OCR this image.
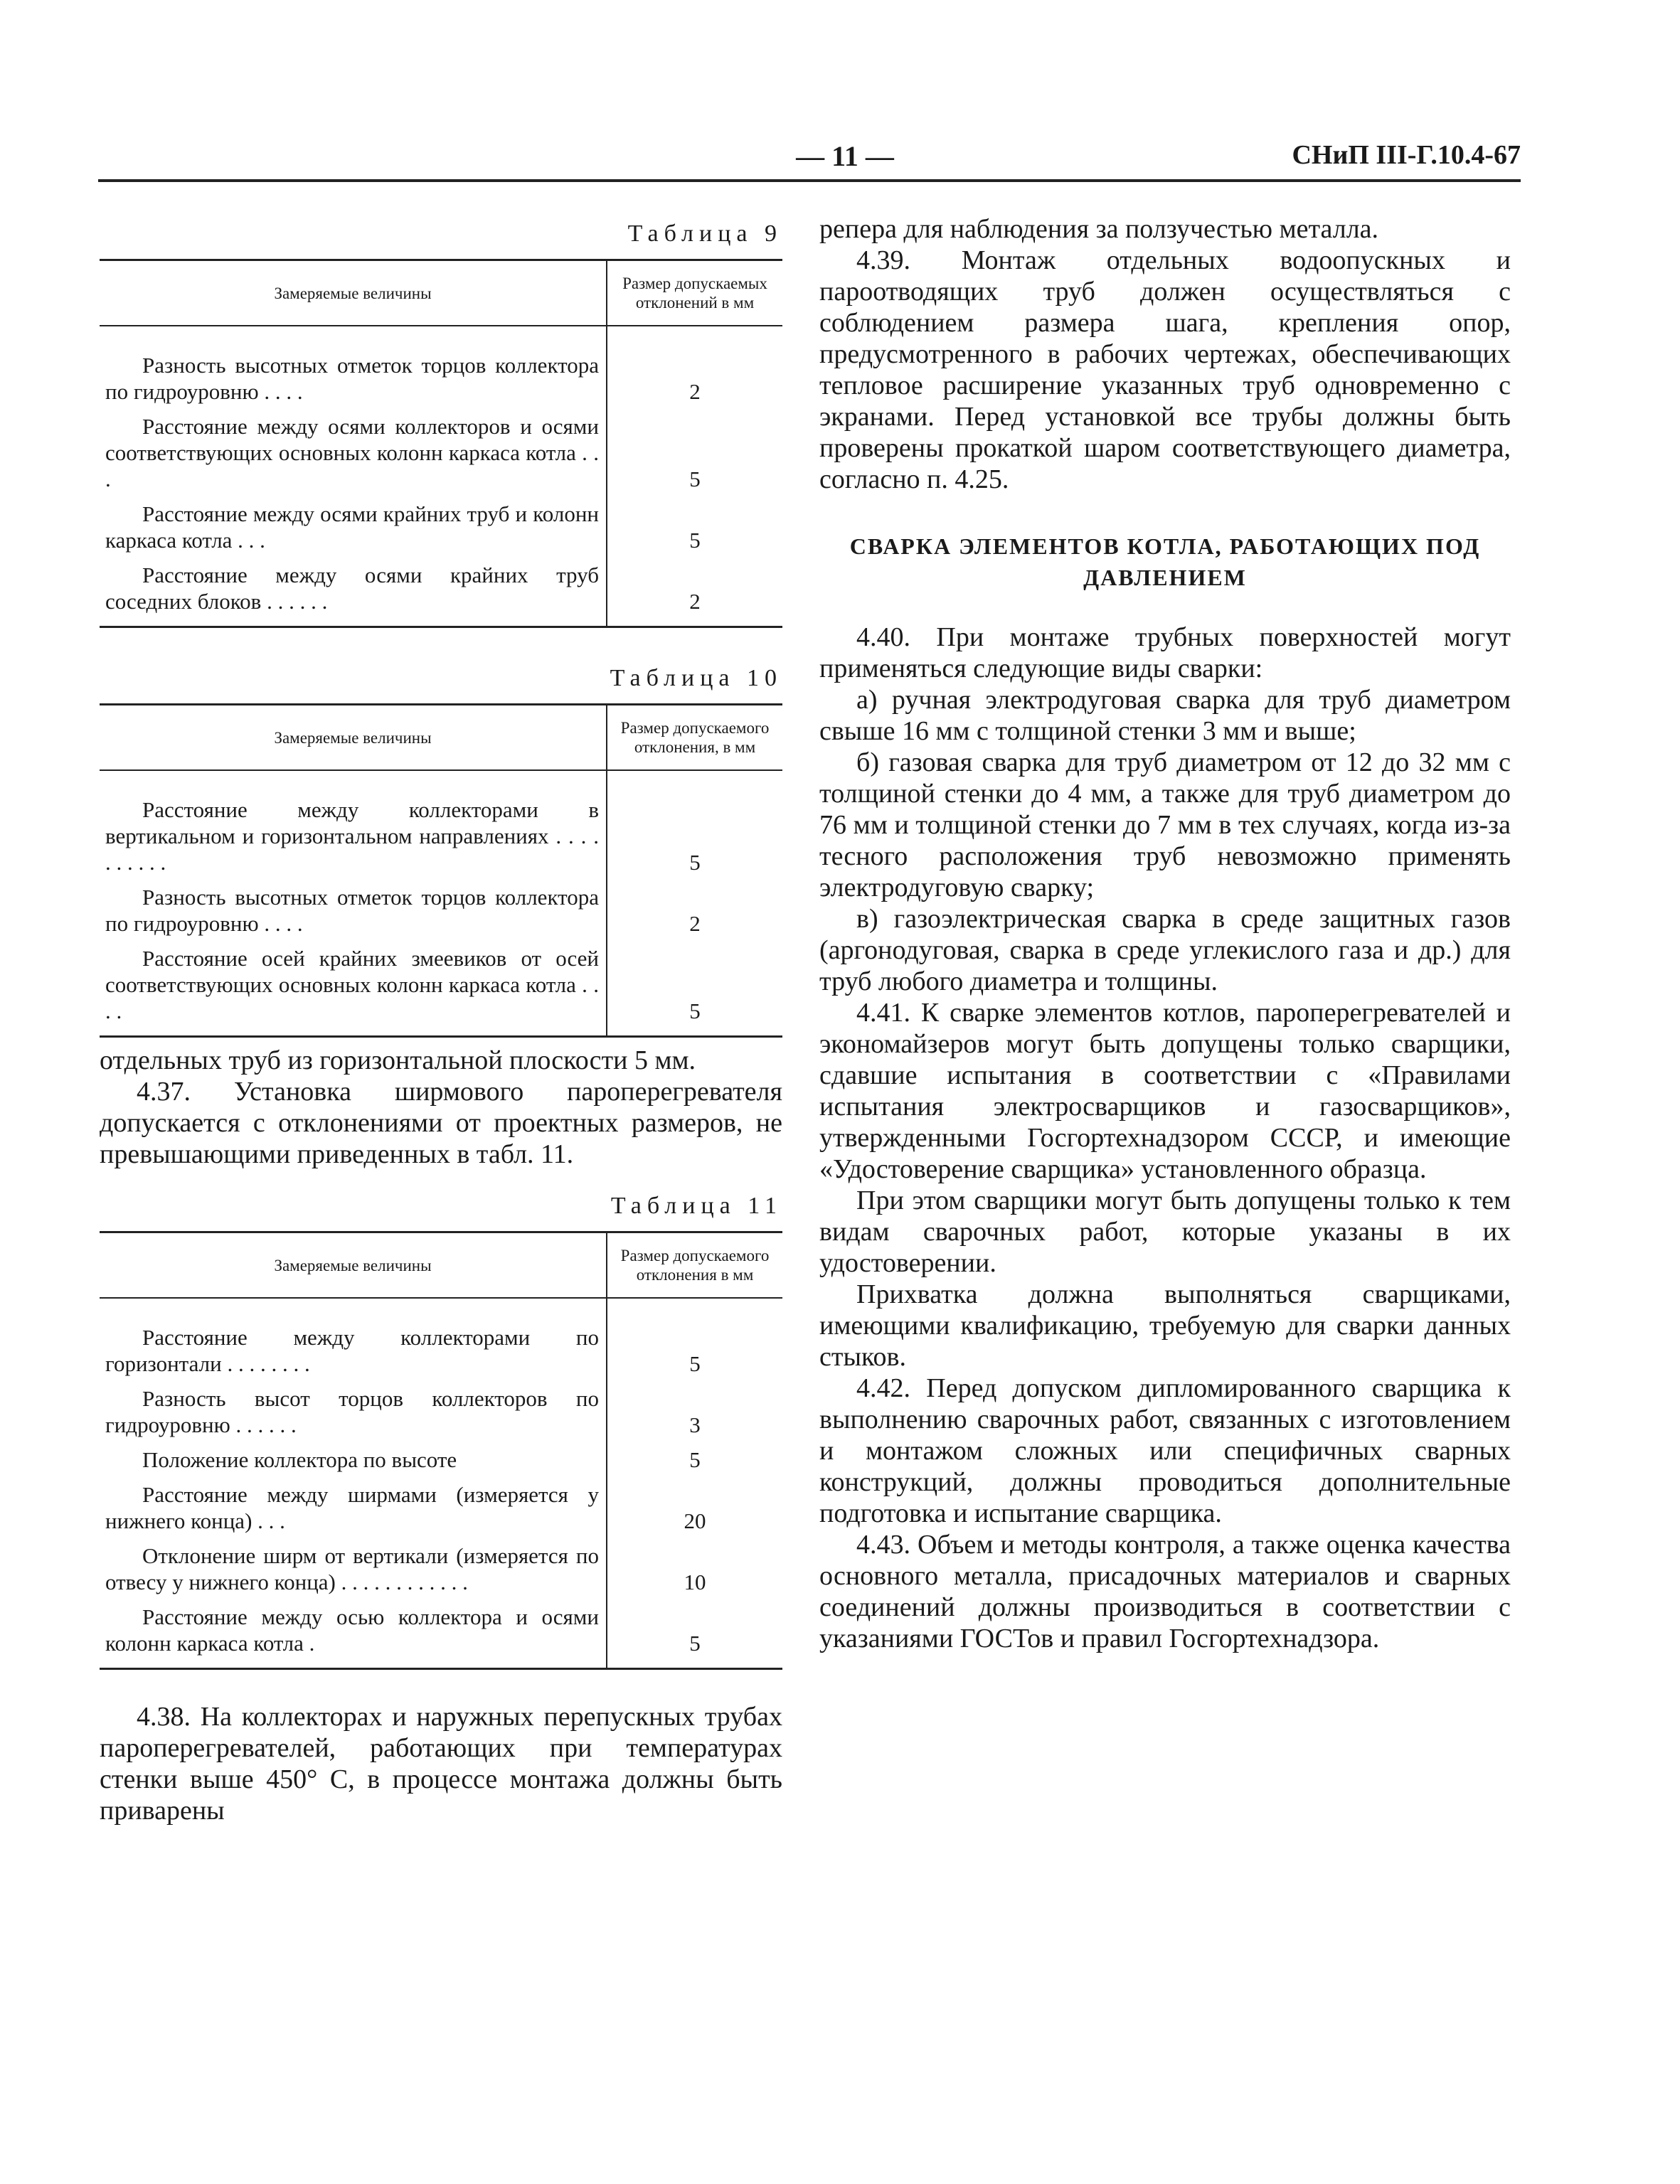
— 11 —	СНиП III-Г.10.4-67
Таблица 9
Замеряемые величины	Размер допускаемых отклонений в мм

Разность высотных отметок торцов коллектора по гидроуровню . . . .	2

Расстояние между осями коллекторов и осями соответствующих основных колонн каркаса котла . . .	5

Расстояние между осями крайних труб и колонн каркаса котла . . .	5

Расстояние между осями крайних труб соседних блоков . . . . . .	2
Таблица 10
Замеряемые величины	Размер допускаемого отклонения, в мм

Расстояние между коллекторами в вертикальном и горизонтальном направлениях . . . . . . . . . .	5

Разность высотных отметок торцов коллектора по гидроуровню . . . .	2

Расстояние осей крайних змеевиков от осей соответствующих основных колонн каркаса котла . . . .	5

отдельных труб из горизонтальной плоскости 5 мм.

4.37. Установка ширмового пароперегревателя допускается с отклонениями от проектных размеров, не превышающими приведенных в табл. 11.

Таблица 11
Замеряемые величины	Размер допускаемого отклонения в мм

Расстояние между коллекторами по горизонтали . . . . . . . .	5

Разность высот торцов коллекторов по гидроуровню . . . . . .	3

Положение коллектора по высоте	5

Расстояние между ширмами (измеряется у нижнего конца) . . .	20

Отклонение ширм от вертикали (измеряется по отвесу у нижнего конца) . . . . . . . . . . . .	10

Расстояние между осью коллектора и осями колонн каркаса котла .	5

4.38. На коллекторах и наружных перепускных трубах пароперегревателей, работающих при температурах стенки выше 450° С, в процессе монтажа должны быть приварены

репера для наблюдения за ползучестью металла.

4.39. Монтаж отдельных водоопускных и пароотводящих труб должен осуществляться с соблюдением размера шага, крепления опор, предусмотренного в рабочих чертежах, обеспечивающих тепловое расширение указанных труб одновременно с экранами. Перед установкой все трубы должны быть проверены прокаткой шаром соответствующего диаметра, согласно п. 4.25.

СВАРКА ЭЛЕМЕНТОВ КОТЛА, РАБОТАЮЩИХ ПОД ДАВЛЕНИЕМ

4.40. При монтаже трубных поверхностей могут применяться следующие виды сварки:

а) ручная электродуговая сварка для труб диаметром свыше 16 мм с толщиной стенки 3 мм и выше;

б) газовая сварка для труб диаметром от 12 до 32 мм с толщиной стенки до 4 мм, а также для труб диаметром до 76 мм и толщиной стенки до 7 мм в тех случаях, когда из-за тесного расположения труб невозможно применять электродуговую сварку;

в) газоэлектрическая сварка в среде защитных газов (аргонодуговая, сварка в среде углекислого газа и др.) для труб любого диаметра и толщины.

4.41. К сварке элементов котлов, пароперегревателей и экономайзеров могут быть допущены только сварщики, сдавшие испытания в соответствии с «Правилами испытания электросварщиков и газосварщиков», утвержденными Госгортехнадзором СССР, и имеющие «Удостоверение сварщика» установленного образца.

При этом сварщики могут быть допущены только к тем видам сварочных работ, которые указаны в их удостоверении.

Прихватка должна выполняться сварщиками, имеющими квалификацию, требуемую для сварки данных стыков.

4.42. Перед допуском дипломированного сварщика к выполнению сварочных работ, связанных с изготовлением и монтажом сложных или специфичных сварных конструкций, должны проводиться дополнительные подготовка и испытание сварщика.

4.43. Объем и методы контроля, а также оценка качества основного металла, присадочных материалов и сварных соединений должны производиться в соответствии с указаниями ГОСТов и правил Госгортехнадзора.
